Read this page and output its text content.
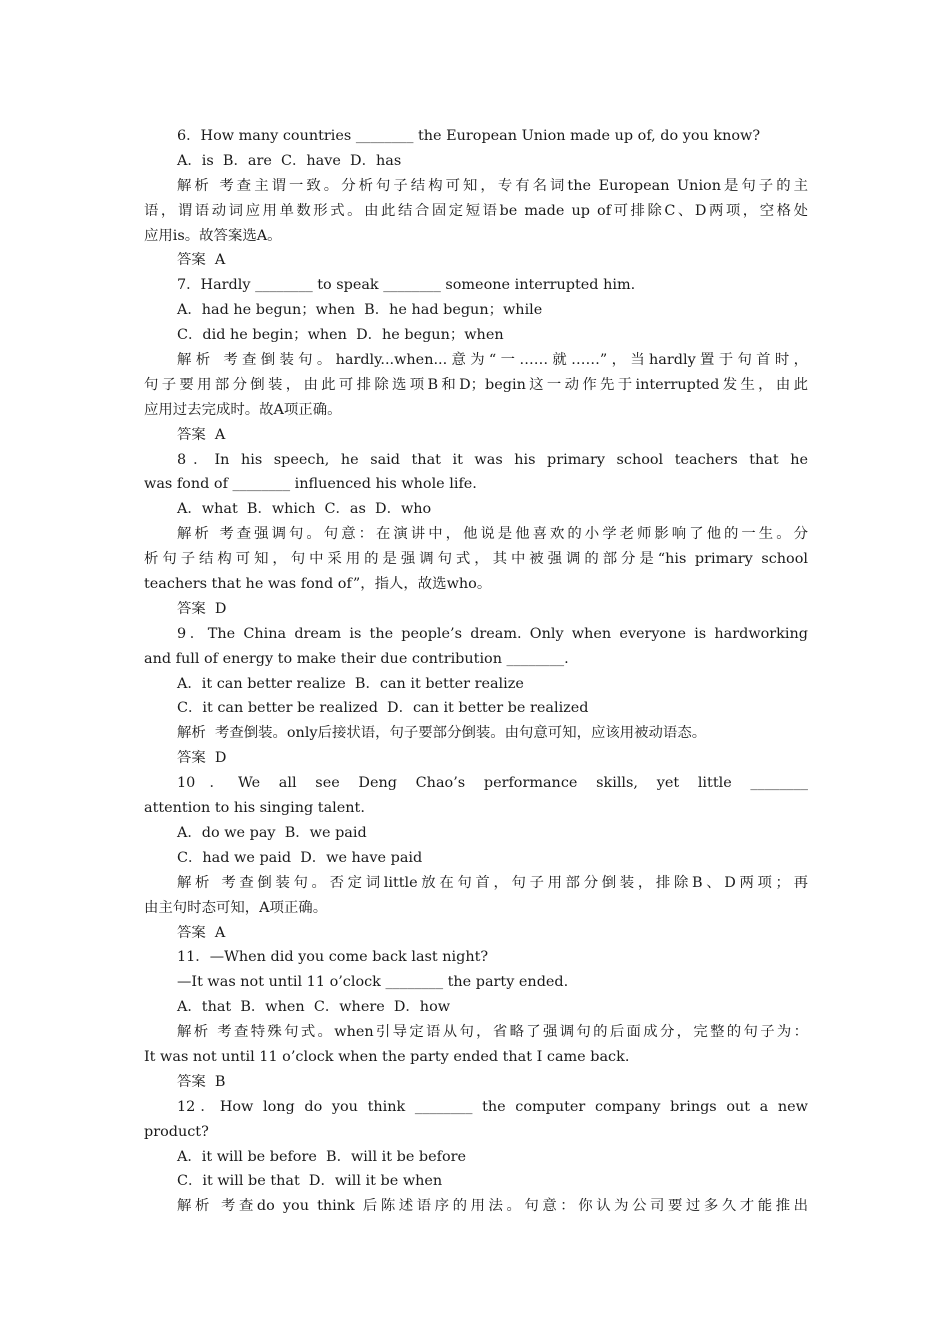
6．How many countries ________ the European Union made up of, do you know?
A．is  B．are  C．have  D．has
解析 考查主谓一致。分析句子结构可知，专有名词the European Union是句子的主
语，谓语动词应用单数形式。由此结合固定短语be made up of可排除C、D两项，空格处
应用is。故答案选A。
答案  A
7．Hardly ________ to speak ________ someone interrupted him.
A．had he begun；when  B．he had begun；while
C．did he begin；when  D．he begun；when
解析 考查倒装句。hardly...when...意为“一……就……”，当hardly置于句首时，
句子要用部分倒装，由此可排除选项B和D；begin这一动作先于interrupted发生，由此
应用过去完成时。故A项正确。
答案  A
8．In his speech, he said that it was his primary school teachers that he
was fond of ________ influenced his whole life.
A．what  B．which  C．as  D．who
解析 考查强调句。句意：在演讲中，他说是他喜欢的小学老师影响了他的一生。分
析句子结构可知，句中采用的是强调句式，其中被强调的部分是“his primary school
teachers that he was fond of”，指人，故选who。
答案  D
9．The China dream is the people’s dream. Only when everyone is hardworking
and full of energy to make their due contribution ________.
A．it can better realize  B．can it better realize
C．it can better be realized  D．can it better be realized
解析  考查倒装。only后接状语，句子要部分倒装。由句意可知，应该用被动语态。
答案  D
10．We all see Deng Chao’s performance skills, yet little ________
attention to his singing talent.
A．do we pay  B．we paid
C．had we paid  D．we have paid
解析 考查倒装句。否定词little放在句首，句子用部分倒装，排除B、D两项；再
由主句时态可知，A项正确。
答案  A
11．—When did you come back last night?
—It was not until 11 o’clock ________ the party ended.
A．that  B．when  C．where  D．how
解析 考查特殊句式。when引导定语从句，省略了强调句的后面成分，完整的句子为：
It was not until 11 o’clock when the party ended that I came back.
答案  B
12．How long do you think ________ the computer company brings out a new
product?
A．it will be before  B．will it be before
C．it will be that  D．will it be when
解析 考查do you think 后陈述语序的用法。句意：你认为公司要过多久才能推出
